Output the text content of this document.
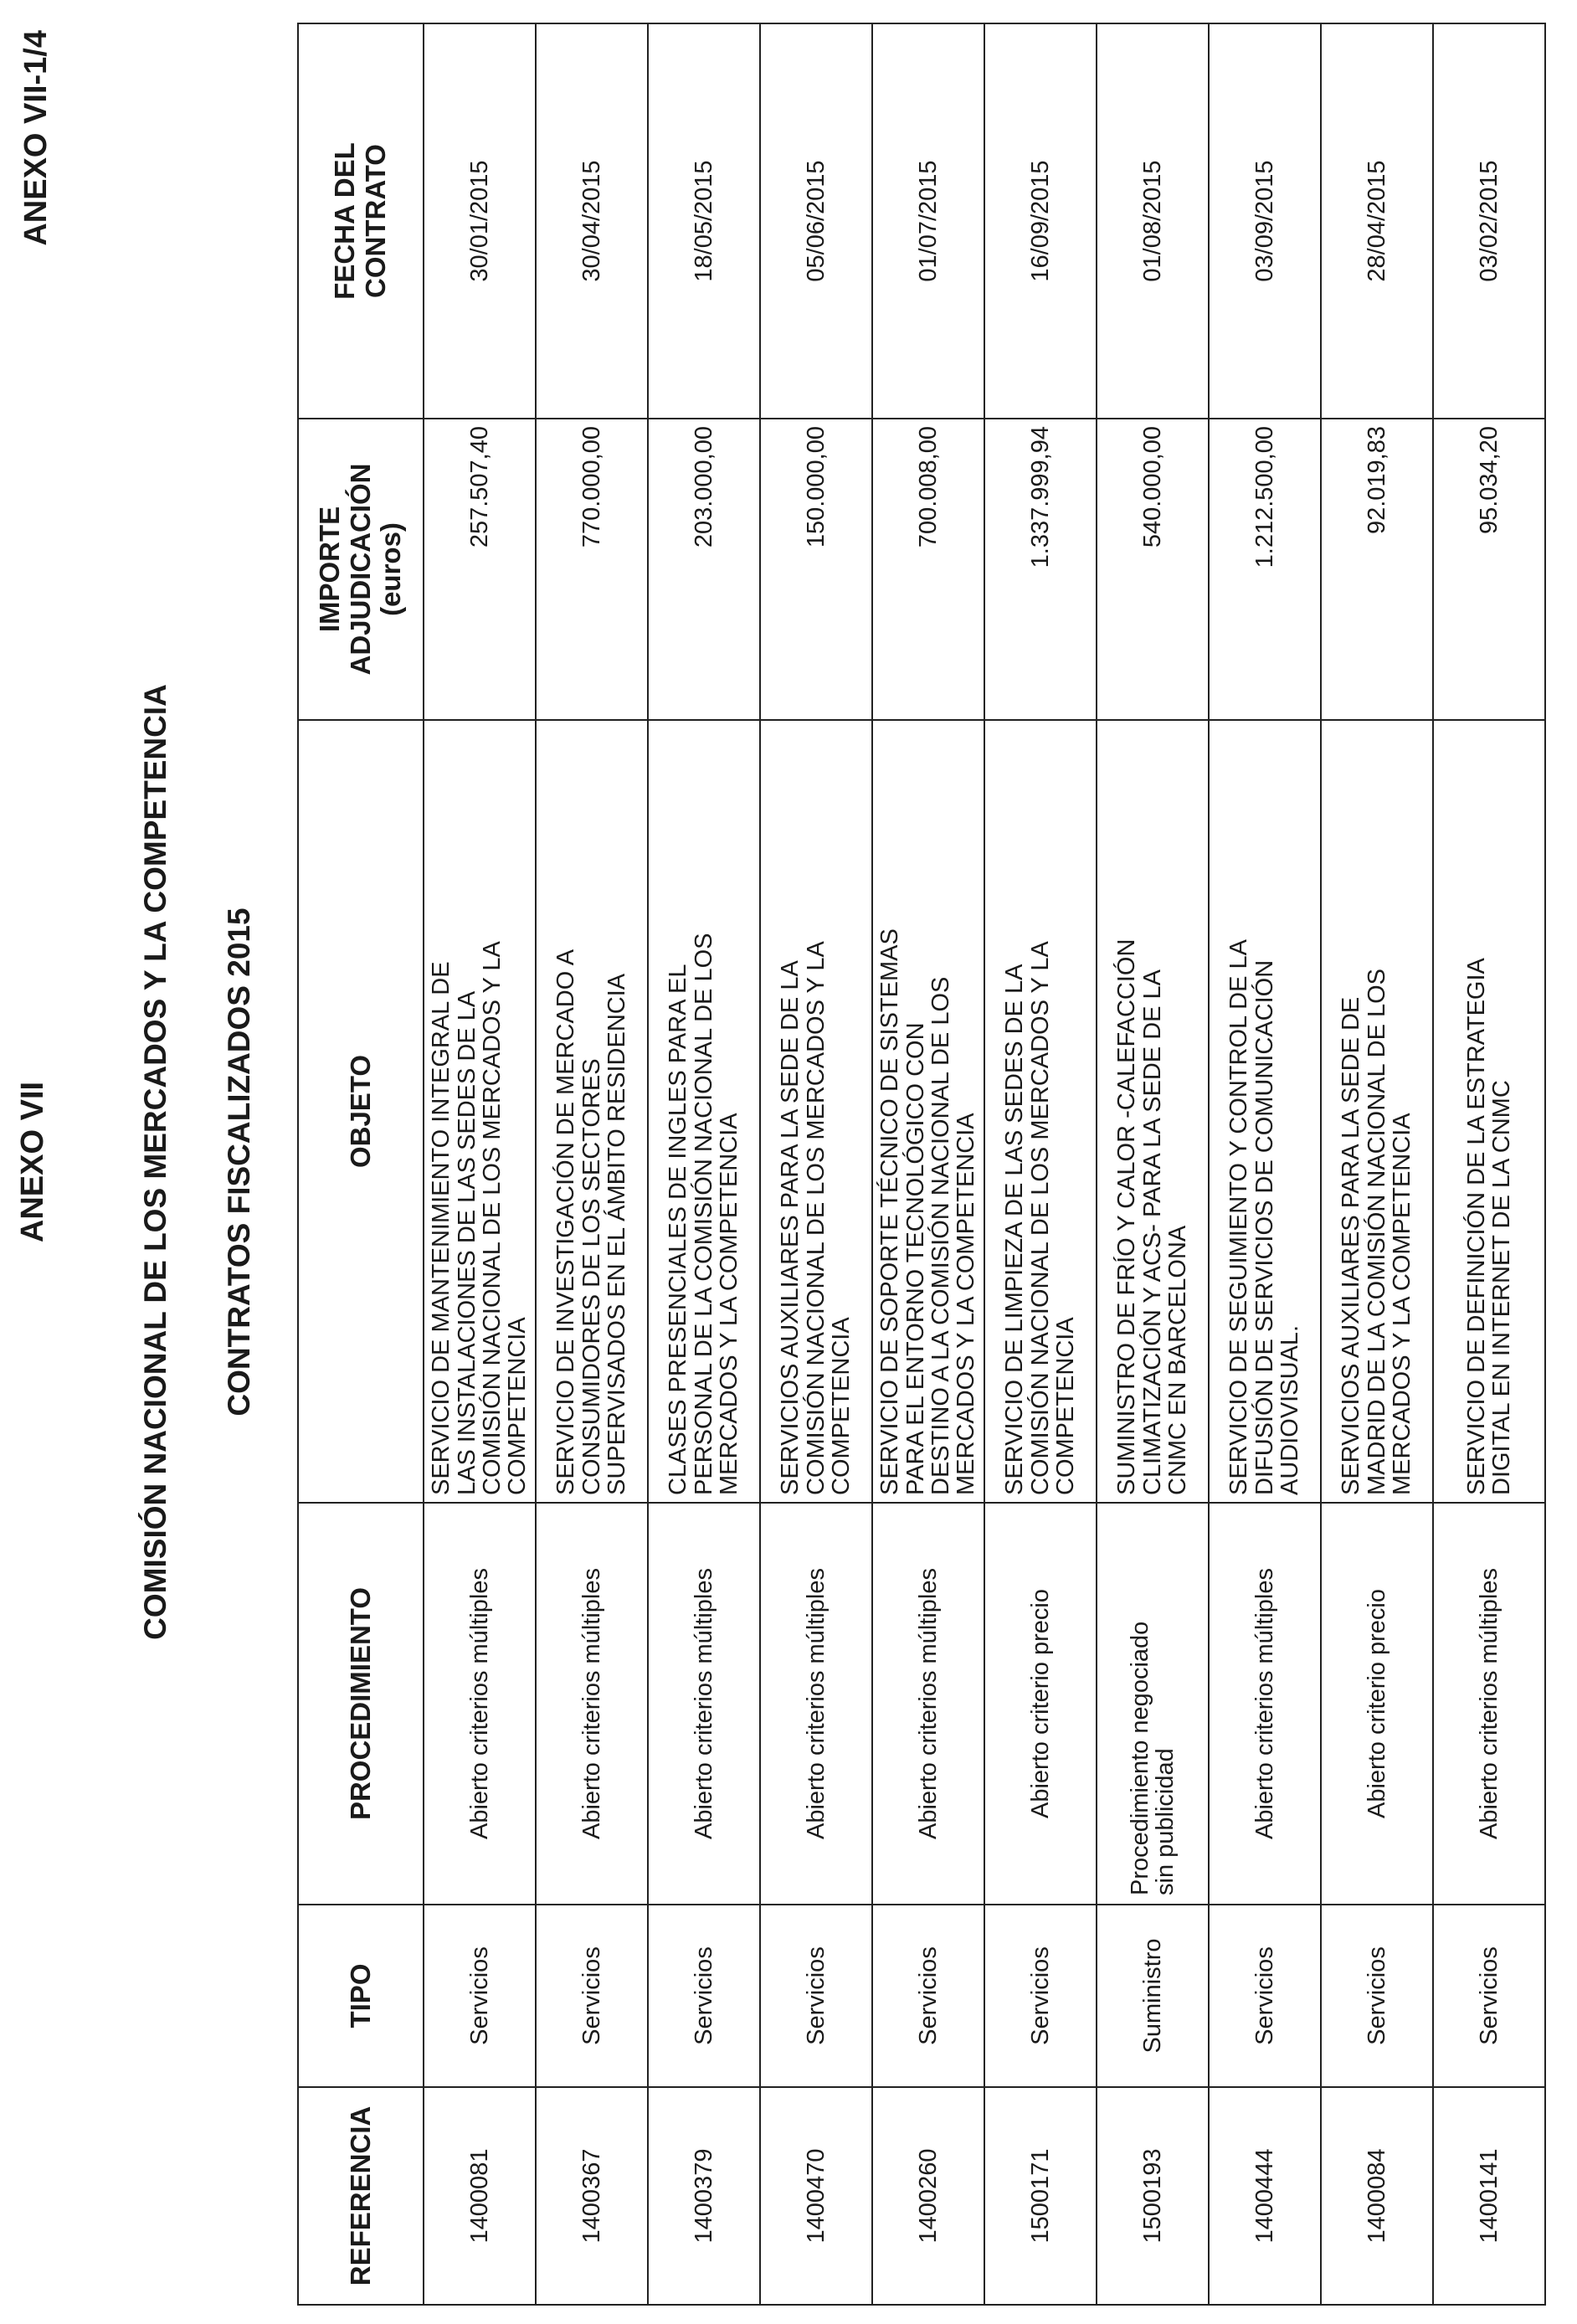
ANEXO VII
ANEXO VII-1/4
COMISIÓN NACIONAL DE LOS MERCADOS Y LA COMPETENCIA CONTRATOS FISCALIZADOS 2015
REFERENCIA	TIPO	PROCEDIMIENTO	OBJETO	IMPORTE
ADJUDICACIÓN
(euros)	FECHA DEL
CONTRATO
1400081	Servicios	Abierto criterios múltiples	SERVICIO DE MANTENIMIENTO INTEGRAL DE
LAS INSTALACIONES DE LAS SEDES DE LA
COMISIÓN NACIONAL DE LOS MERCADOS Y LA
COMPETENCIA	257.507,40	30/01/2015
1400367	Servicios	Abierto criterios múltiples	SERVICIO DE INVESTIGACIÓN DE MERCADO A
CONSUMIDORES DE LOS SECTORES
SUPERVISADOS EN EL ÁMBITO RESIDENCIA	770.000,00	30/04/2015
1400379	Servicios	Abierto criterios múltiples	CLASES PRESENCIALES DE INGLES PARA EL
PERSONAL DE LA COMISIÓN NACIONAL DE LOS
MERCADOS Y LA COMPETENCIA	203.000,00	18/05/2015
1400470	Servicios	Abierto criterios múltiples	SERVICIOS AUXILIARES PARA LA SEDE DE LA
COMISIÓN NACIONAL DE LOS MERCADOS Y LA
COMPETENCIA	150.000,00	05/06/2015
1400260	Servicios	Abierto criterios múltiples	SERVICIO DE SOPORTE TÉCNICO DE SISTEMAS
PARA EL ENTORNO TECNOLÓGICO CON
DESTINO A LA COMISIÓN NACIONAL DE LOS
MERCADOS Y LA COMPETENCIA	700.008,00	01/07/2015
1500171	Servicios	Abierto criterio precio	SERVICIO DE LIMPIEZA DE LAS SEDES DE LA
COMISIÓN NACIONAL DE LOS MERCADOS Y LA
COMPETENCIA	1.337.999,94	16/09/2015
1500193	Suministro	Procedimiento negociado
sin publicidad	SUMINISTRO DE FRÍO Y CALOR -CALEFACCIÓN
CLIMATIZACIÓN Y ACS- PARA LA SEDE DE LA
CNMC EN BARCELONA	540.000,00	01/08/2015
1400444	Servicios	Abierto criterios múltiples	SERVICIO DE SEGUIMIENTO Y CONTROL DE LA
DIFUSIÓN DE SERVICIOS DE COMUNICACIÓN
AUDIOVISUAL.	1.212.500,00	03/09/2015
1400084	Servicios	Abierto criterio precio	SERVICIOS AUXILIARES PARA LA SEDE DE
MADRID DE LA COMISIÓN NACIONAL DE LOS
MERCADOS Y LA COMPETENCIA	92.019,83	28/04/2015
1400141	Servicios	Abierto criterios múltiples	SERVICIO DE DEFINICIÓN DE LA ESTRATEGIA
DIGITAL EN INTERNET DE LA CNMC	95.034,20	03/02/2015
